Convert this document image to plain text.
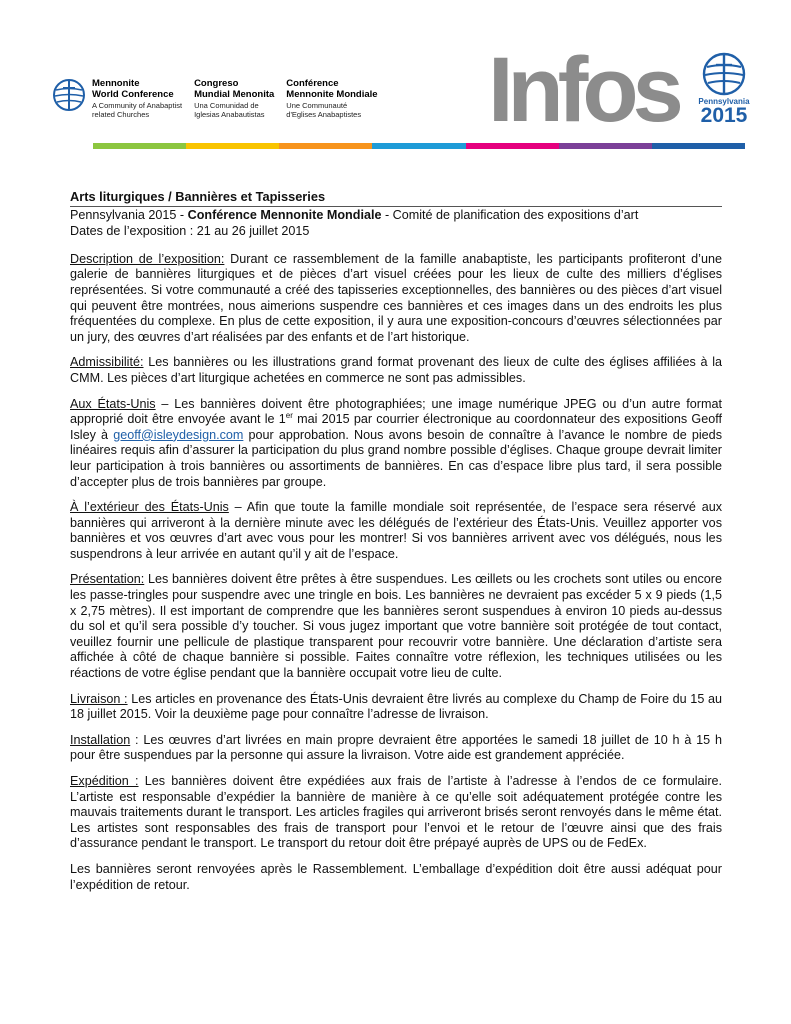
Mennonite
World Conference
A Community of Anabaptist
related Churches
Congreso
Mundial Menonita
Una Comunidad de
Iglesias Anabautistas
Conférence
Mennonite Mondiale
Une Communauté
d'Eglises Anabaptistes Infos	Pennsylvania
2015
Arts liturgiques / Bannières et Tapisseries
Pennsylvania 2015 - Conférence Mennonite Mondiale - Comité de planification des expositions d’art
Dates de l’exposition : 21 au 26 juillet 2015

Description de l’exposition: Durant ce rassemblement de la famille anabaptiste, les participants profiteront d’une galerie de bannières liturgiques et de pièces d’art visuel créées pour les lieux de culte des milliers d’églises représentées. Si votre communauté a créé des tapisseries exceptionnelles, des bannières ou des pièces d’art visuel qui peuvent être montrées, nous aimerions suspendre ces bannières et ces images dans un des endroits les plus fréquentées du complexe. En plus de cette exposition, il y aura une exposition-concours d’œuvres sélectionnées par un jury, des œuvres d’art réalisées par des enfants et de l’art historique.

Admissibilité: Les bannières ou les illustrations grand format provenant des lieux de culte des églises affiliées à la CMM. Les pièces d’art liturgique achetées en commerce ne sont pas admissibles.

Aux États-Unis – Les bannières doivent être photographiées; une image numérique JPEG ou d’un autre format approprié doit être envoyée avant le 1er mai 2015 par courrier électronique au coordonnateur des expositions Geoff Isley à geoff@isleydesign.com pour approbation. Nous avons besoin de connaître à l’avance le nombre de pieds linéaires requis afin d’assurer la participation du plus grand nombre possible d’églises. Chaque groupe devrait limiter leur participation à trois bannières ou assortiments de bannières. En cas d’espace libre plus tard, il sera possible d’accepter plus de trois bannières par groupe.

À l’extérieur des États-Unis – Afin que toute la famille mondiale soit représentée, de l’espace sera réservé aux bannières qui arriveront à la dernière minute avec les délégués de l’extérieur des États-Unis. Veuillez apporter vos bannières et vos œuvres d’art avec vous pour les montrer! Si vos bannières arrivent avec vos délégués, nous les suspendrons à leur arrivée en autant qu’il y ait de l’espace.

Présentation: Les bannières doivent être prêtes à être suspendues. Les œillets ou les crochets sont utiles ou encore les passe-tringles pour suspendre avec une tringle en bois. Les bannières ne devraient pas excéder 5 x 9 pieds (1,5 x 2,75 mètres). Il est important de comprendre que les bannières seront suspendues à environ 10 pieds au-dessus du sol et qu’il sera possible d’y toucher. Si vous jugez important que votre bannière soit protégée de tout contact, veuillez fournir une pellicule de plastique transparent pour recouvrir votre bannière. Une déclaration d’artiste sera affichée à côté de chaque bannière si possible. Faites connaître votre réflexion, les techniques utilisées ou les réactions de votre église pendant que la bannière occupait votre lieu de culte.

Livraison : Les articles en provenance des États-Unis devraient être livrés au complexe du Champ de Foire du 15 au 18 juillet 2015. Voir la deuxième page pour connaître l’adresse de livraison.

Installation : Les œuvres d’art livrées en main propre devraient être apportées le samedi 18 juillet de 10 h à 15 h pour être suspendues par la personne qui assure la livraison. Votre aide est grandement appréciée.

Expédition : Les bannières doivent être expédiées aux frais de l’artiste à l’adresse à l’endos de ce formulaire. L’artiste est responsable d’expédier la bannière de manière à ce qu’elle soit adéquatement protégée contre les mauvais traitements durant le transport. Les articles fragiles qui arriveront brisés seront renvoyés dans le même état. Les artistes sont responsables des frais de transport pour l’envoi et le retour de l’œuvre ainsi que des frais d’assurance pendant le transport. Le transport du retour doit être prépayé auprès de UPS ou de FedEx.

Les bannières seront renvoyées après le Rassemblement. L’emballage d’expédition doit être aussi adéquat pour l’expédition de retour.
